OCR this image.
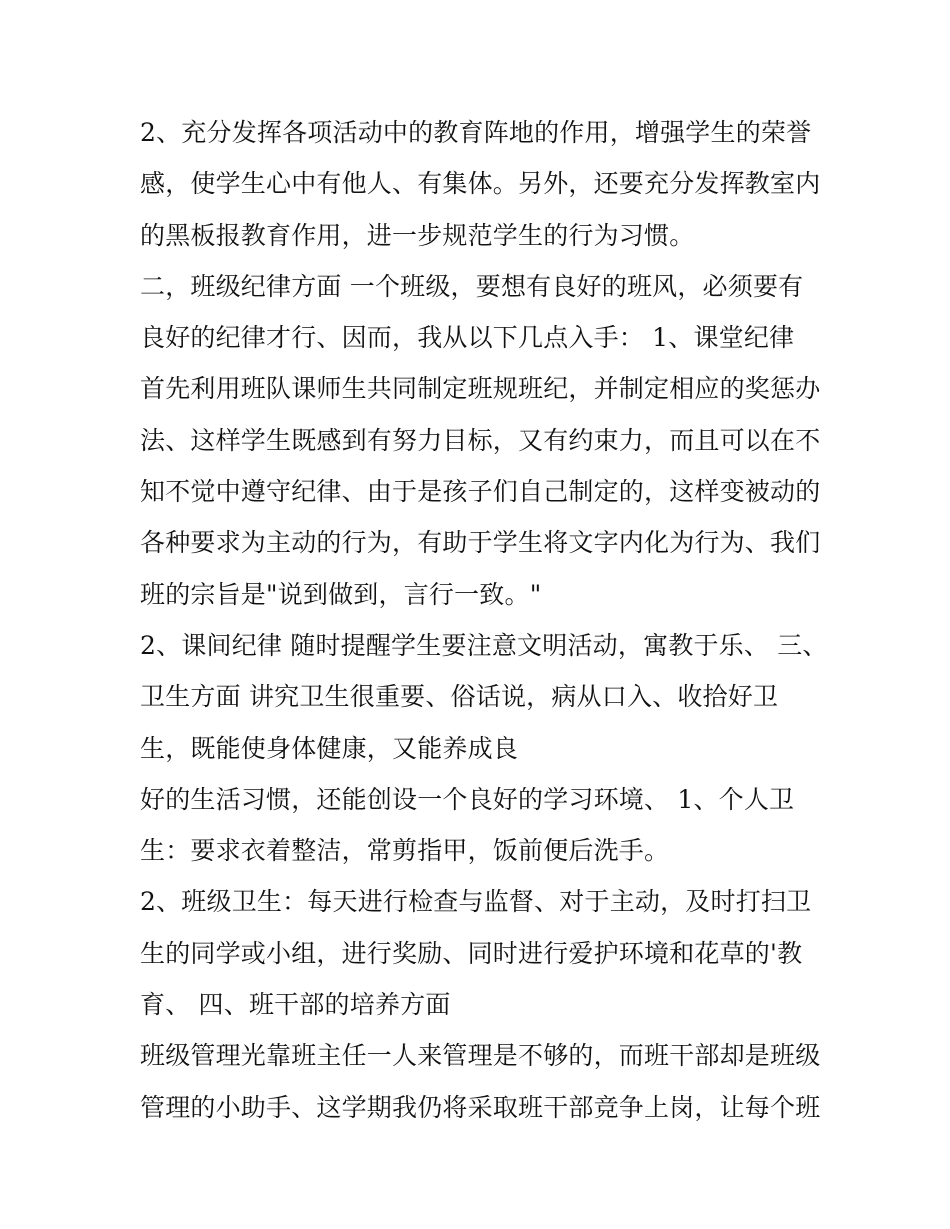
2、充分发挥各项活动中的教育阵地的作用，增强学生的荣誉
感，使学生心中有他人、有集体。另外，还要充分发挥教室内
的黑板报教育作用，进一步规范学生的行为习惯。
二，班级纪律方面 一个班级，要想有良好的班风，必须要有
良好的纪律才行、因而，我从以下几点入手： 1、课堂纪律
首先利用班队课师生共同制定班规班纪，并制定相应的奖惩办
法、这样学生既感到有努力目标，又有约束力，而且可以在不
知不觉中遵守纪律、由于是孩子们自己制定的，这样变被动的
各种要求为主动的行为，有助于学生将文字内化为行为、我们
班的宗旨是"说到做到，言行一致。"
2、课间纪律 随时提醒学生要注意文明活动，寓教于乐、 三、
卫生方面 讲究卫生很重要、俗话说，病从口入、收拾好卫
生，既能使身体健康，又能养成良
好的生活习惯，还能创设一个良好的学习环境、 1、个人卫
生：要求衣着整洁，常剪指甲，饭前便后洗手。
2、班级卫生：每天进行检查与监督、对于主动，及时打扫卫
生的同学或小组，进行奖励、同时进行爱护环境和花草的'教
育、 四、班干部的培养方面
班级管理光靠班主任一人来管理是不够的，而班干部却是班级
管理的小助手、这学期我仍将采取班干部竞争上岗，让每个班
